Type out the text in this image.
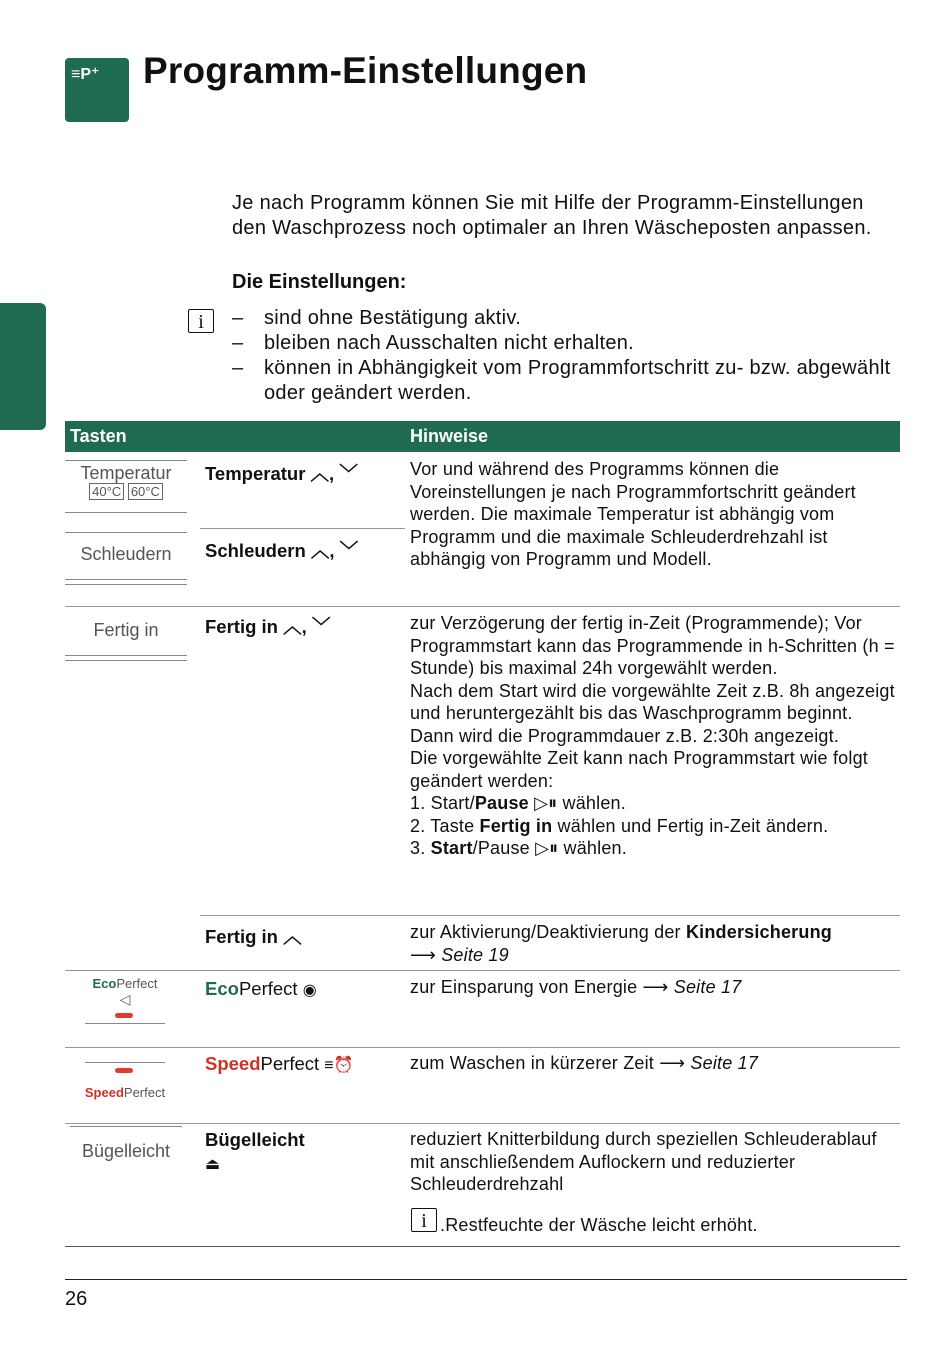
≡P⁺ Programm-Einstellungen
Je nach Programm können Sie mit Hilfe der Programm-Einstellungen den Waschprozess noch optimaler an Ihren Wäscheposten anpassen.
Die Einstellungen:
i
–	sind ohne Bestätigung aktiv.
– bleiben nach Ausschalten nicht erhalten.
– können in Abhängigkeit vom Programmfortschritt zu- bzw. abgewählt oder geändert werden.
Tasten	Hinweise
Temperatur
40°C 60°C
Temperatur ︿, ﹀
Schleudern	Schleudern ︿, ﹀
Vor und während des Programms können die Voreinstellungen je nach Programmfortschritt geändert werden. Die maximale Temperatur ist abhängig vom Programm und die maximale Schleuderdrehzahl ist abhängig von Programm und Modell.
Fertig in	Fertig in ︿, ﹀	zur Verzögerung der fertig in-Zeit (Programmende); Vor Programmstart kann das Programmende in h-Schritten (h = Stunde) bis maximal 24h vorgewählt werden.
Nach dem Start wird die vorgewählte Zeit z.B. 8h angezeigt und heruntergezählt bis das Waschprogramm beginnt. Dann wird die Programmdauer z.B. 2:30h angezeigt.
Die vorgewählte Zeit kann nach Programmstart wie folgt geändert werden:
1. Start/Pause ▷⏸ wählen.
2. Taste Fertig in wählen und Fertig in-Zeit ändern.
3. Start/Pause ▷⏸ wählen.
Fertig in ︿	zur Aktivierung/Deaktivierung der Kindersicherung
⟶ Seite 19
EcoPerfect
◁	EcoPerfect ◉	zur Einsparung von Energie ⟶ Seite 17
SpeedPerfect
SpeedPerfect ≡⏰	zum Waschen in kürzerer Zeit ⟶ Seite 17
Bügelleicht
Bügelleicht
⏏
reduziert Knitterbildung durch speziellen Schleuderablauf mit anschließendem Auflockern und reduzierter Schleuderdrehzahl
i .Restfeuchte der Wäsche leicht erhöht.
26
